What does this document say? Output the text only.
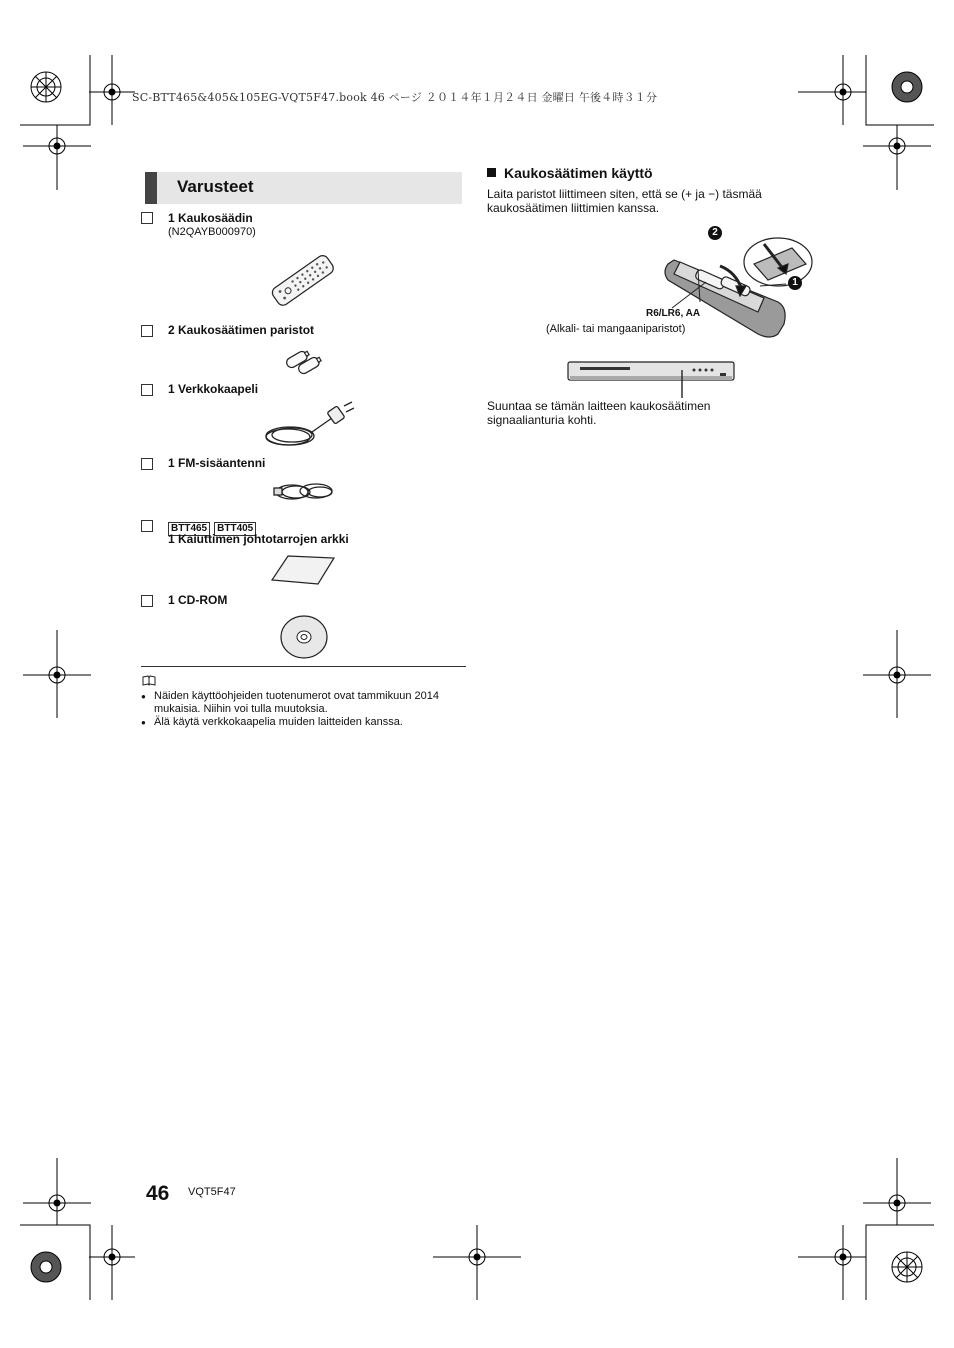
SC-BTT465&405&105EG-VQT5F47.book 46 ページ ２０１４年１月２４日 金曜日 午後４時３１分
Varusteet
1 Kaukosäädin
(N2QAYB000970)
2 Kaukosäätimen paristot
1 Verkkokaapeli
1 FM-sisäantenni
BTT465 BTT405
1 Kaiuttimen johtotarrojen arkki
1 CD-ROM
● Näiden käyttöohjeiden tuotenumerot ovat tammikuun 2014 mukaisia. Niihin voi tulla muutoksia.
● Älä käytä verkkokaapelia muiden laitteiden kanssa.
Kaukosäätimen käyttö
Laita paristot liittimeen siten, että se (+ ja −) täsmää kaukosäätimen liittimien kanssa.
2
1
R6/LR6, AA
(Alkali- tai mangaaniparistot)
Suuntaa se tämän laitteen kaukosäätimen signaalianturia kohti.
46 VQT5F47
